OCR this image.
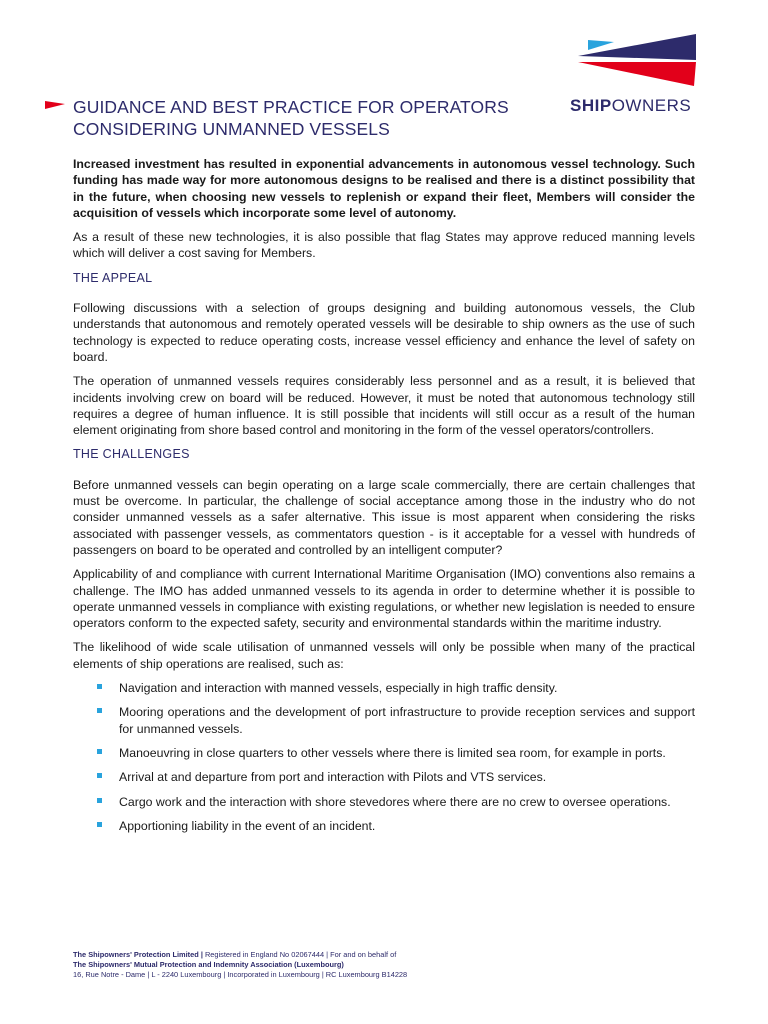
SHIPOWNERS
GUIDANCE AND BEST PRACTICE FOR OPERATORS
CONSIDERING UNMANNED VESSELS

Increased investment has resulted in exponential advancements in autonomous vessel technology. Such funding has made way for more autonomous designs to be realised and there is a distinct possibility that in the future, when choosing new vessels to replenish or expand their fleet, Members will consider the acquisition of vessels which incorporate some level of autonomy.

As a result of these new technologies, it is also possible that flag States may approve reduced manning levels which will deliver a cost saving for Members.

THE APPEAL

Following discussions with a selection of groups designing and building autonomous vessels, the Club understands that autonomous and remotely operated vessels will be desirable to ship owners as the use of such technology is expected to reduce operating costs, increase vessel efficiency and enhance the level of safety on board.

The operation of unmanned vessels requires considerably less personnel and as a result, it is believed that incidents involving crew on board will be reduced. However, it must be noted that autonomous technology still requires a degree of human influence. It is still possible that incidents will still occur as a result of the human element originating from shore based control and monitoring in the form of the vessel operators/controllers.

THE CHALLENGES

Before unmanned vessels can begin operating on a large scale commercially, there are certain challenges that must be overcome. In particular, the challenge of social acceptance among those in the industry who do not consider unmanned vessels as a safer alternative. This issue is most apparent when considering the risks associated with passenger vessels, as commentators question - is it acceptable for a vessel with hundreds of passengers on board to be operated and controlled by an intelligent computer?

Applicability of and compliance with current International Maritime Organisation (IMO) conventions also remains a challenge. The IMO has added unmanned vessels to its agenda in order to determine whether it is possible to operate unmanned vessels in compliance with existing regulations, or whether new legislation is needed to ensure operators conform to the expected safety, security and environmental standards within the maritime industry.

The likelihood of wide scale utilisation of unmanned vessels will only be possible when many of the practical elements of ship operations are realised, such as:

Navigation and interaction with manned vessels, especially in high traffic density.
Mooring operations and the development of port infrastructure to provide reception services and support for unmanned vessels.
Manoeuvring in close quarters to other vessels where there is limited sea room, for example in ports.
Arrival at and departure from port and interaction with Pilots and VTS services.
Cargo work and the interaction with shore stevedores where there are no crew to oversee operations.
Apportioning liability in the event of an incident.
The Shipowners' Protection Limited | Registered in England No 02067444 | For and on behalf of
The Shipowners' Mutual Protection and Indemnity Association (Luxembourg)
16, Rue Notre - Dame | L - 2240 Luxembourg | Incorporated in Luxembourg | RC Luxembourg B14228
